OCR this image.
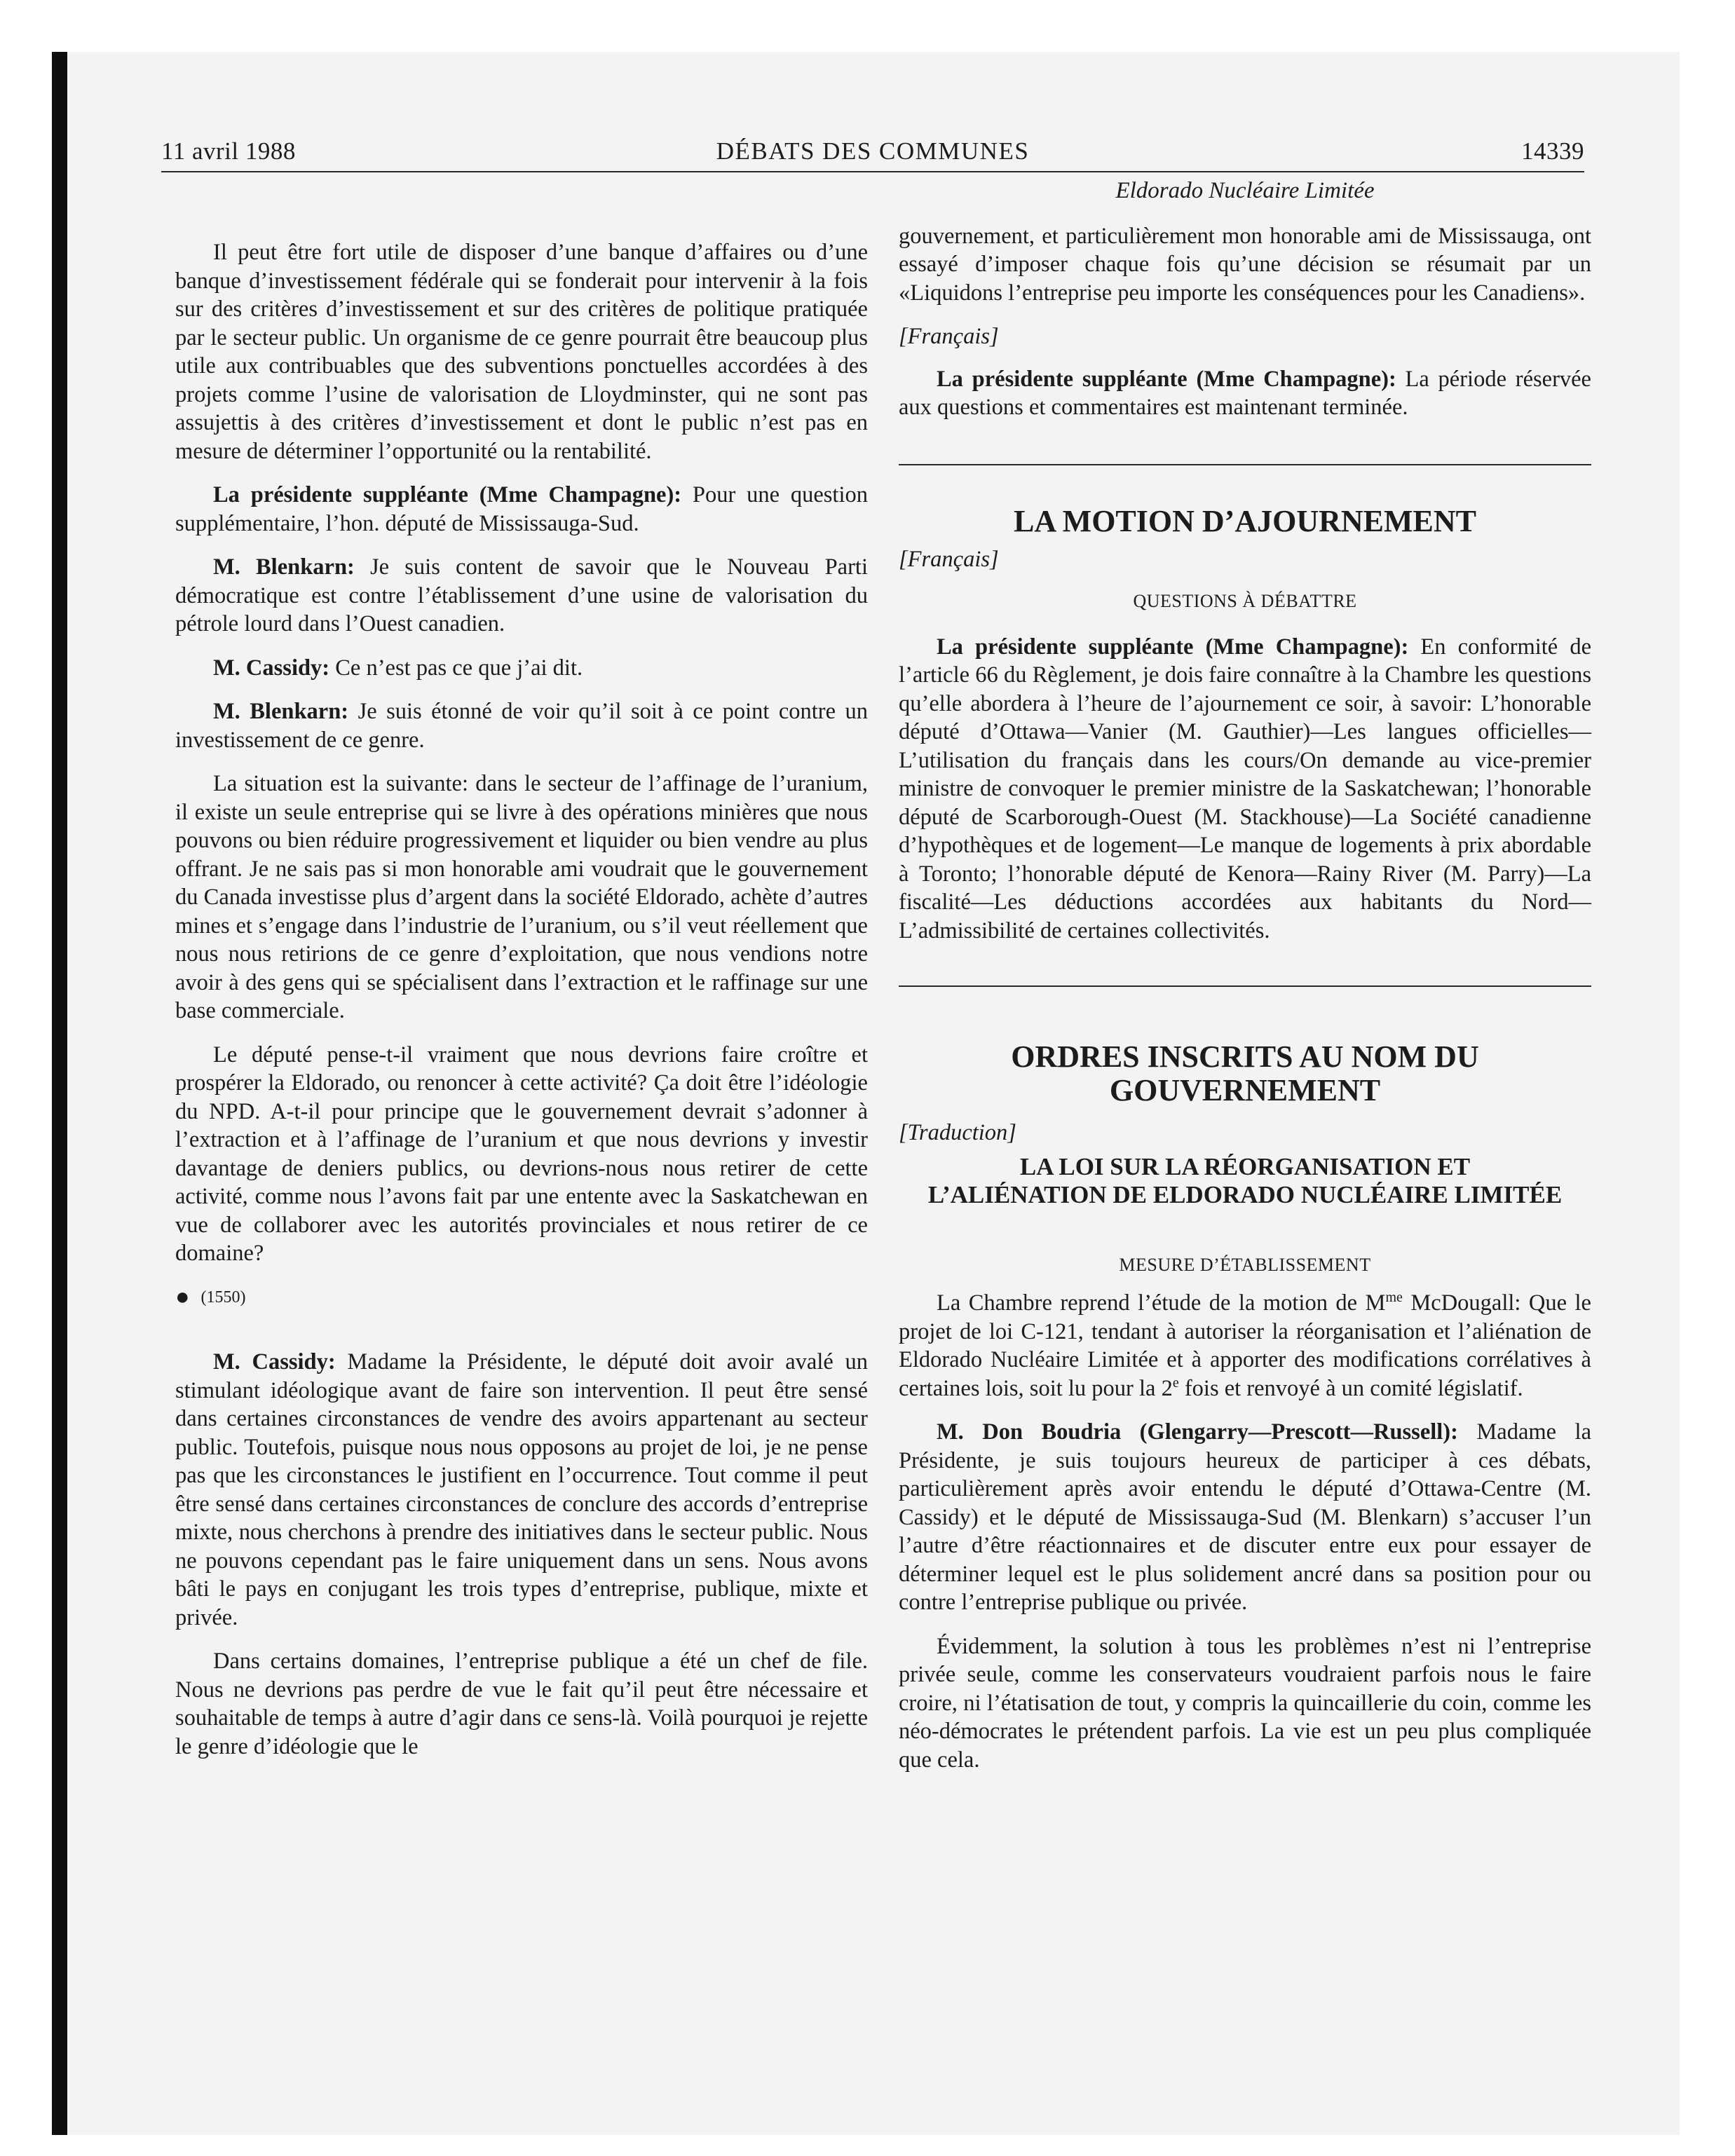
11 avril 1988	DÉBATS DES COMMUNES	14339

Il peut être fort utile de disposer d’une banque d’affaires ou d’une banque d’investissement fédérale qui se fonderait pour intervenir à la fois sur des critères d’investissement et sur des critères de politique pratiquée par le secteur public. Un organisme de ce genre pourrait être beaucoup plus utile aux contribuables que des subventions ponctuelles accordées à des projets comme l’usine de valorisation de Lloydminster, qui ne sont pas assujettis à des critères d’investissement et dont le public n’est pas en mesure de déterminer l’opportunité ou la rentabilité.

La présidente suppléante (Mme Champagne): Pour une question supplémentaire, l’hon. député de Mississauga-Sud.

M. Blenkarn: Je suis content de savoir que le Nouveau Parti démocratique est contre l’établissement d’une usine de valorisation du pétrole lourd dans l’Ouest canadien.

M. Cassidy: Ce n’est pas ce que j’ai dit.

M. Blenkarn: Je suis étonné de voir qu’il soit à ce point contre un investissement de ce genre.

La situation est la suivante: dans le secteur de l’affinage de l’uranium, il existe un seule entreprise qui se livre à des opérations minières que nous pouvons ou bien réduire progressivement et liquider ou bien vendre au plus offrant. Je ne sais pas si mon honorable ami voudrait que le gouvernement du Canada investisse plus d’argent dans la société Eldorado, achète d’autres mines et s’engage dans l’industrie de l’uranium, ou s’il veut réellement que nous nous retirions de ce genre d’exploitation, que nous vendions notre avoir à des gens qui se spécialisent dans l’extraction et le raffinage sur une base commerciale.

Le député pense-t-il vraiment que nous devrions faire croître et prospérer la Eldorado, ou renoncer à cette activité? Ça doit être l’idéologie du NPD. A-t-il pour principe que le gouvernement devrait s’adonner à l’extraction et à l’affinage de l’uranium et que nous devrions y investir davantage de deniers publics, ou devrions-nous nous retirer de cette activité, comme nous l’avons fait par une entente avec la Saskatchewan en vue de collaborer avec les autorités provinciales et nous retirer de ce domaine?

● (1550)

M. Cassidy: Madame la Présidente, le député doit avoir avalé un stimulant idéologique avant de faire son intervention. Il peut être sensé dans certaines circonstances de vendre des avoirs appartenant au secteur public. Toutefois, puisque nous nous opposons au projet de loi, je ne pense pas que les circonstances le justifient en l’occurrence. Tout comme il peut être sensé dans certaines circonstances de conclure des accords d’entreprise mixte, nous cherchons à prendre des initiatives dans le secteur public. Nous ne pouvons cependant pas le faire uniquement dans un sens. Nous avons bâti le pays en conjugant les trois types d’entreprise, publique, mixte et privée.

Dans certains domaines, l’entreprise publique a été un chef de file. Nous ne devrions pas perdre de vue le fait qu’il peut être nécessaire et souhaitable de temps à autre d’agir dans ce sens-là. Voilà pourquoi je rejette le genre d’idéologie que le

Eldorado Nucléaire Limitée

gouvernement, et particulièrement mon honorable ami de Mississauga, ont essayé d’imposer chaque fois qu’une décision se résumait par un «Liquidons l’entreprise peu importe les conséquences pour les Canadiens».

[Français]

La présidente suppléante (Mme Champagne): La période réservée aux questions et commentaires est maintenant terminée.

LA MOTION D’AJOURNEMENT

[Français]

QUESTIONS À DÉBATTRE

La présidente suppléante (Mme Champagne): En conformité de l’article 66 du Règlement, je dois faire connaître à la Chambre les questions qu’elle abordera à l’heure de l’ajournement ce soir, à savoir: L’honorable député d’Ottawa—Vanier (M. Gauthier)—Les langues officielles—L’utilisation du français dans les cours/On demande au vice-premier ministre de convoquer le premier ministre de la Saskatchewan; l’honorable député de Scarborough-Ouest (M. Stackhouse)—La Société canadienne d’hypothèques et de logement—Le manque de logements à prix abordable à Toronto; l’honorable député de Kenora—Rainy River (M. Parry)—La fiscalité—Les déductions accordées aux habitants du Nord—L’admissibilité de certaines collectivités.

ORDRES INSCRITS AU NOM DU
GOUVERNEMENT

[Traduction]

LA LOI SUR LA RÉORGANISATION ET
L’ALIÉNATION DE ELDORADO NUCLÉAIRE LIMITÉE

MESURE D’ÉTABLISSEMENT

La Chambre reprend l’étude de la motion de $M^{me}$ McDougall: Que le projet de loi C-121, tendant à autoriser la réorganisation et l’aliénation de Eldorado Nucléaire Limitée et à apporter des modifications corrélatives à certaines lois, soit lu pour la 2e fois et renvoyé à un comité législatif.

M. Don Boudria (Glengarry—Prescott—Russell): Madame la Présidente, je suis toujours heureux de participer à ces débats, particulièrement après avoir entendu le député d’Ottawa-Centre (M. Cassidy) et le député de Mississauga-Sud (M. Blenkarn) s’accuser l’un l’autre d’être réactionnaires et de discuter entre eux pour essayer de déterminer lequel est le plus solidement ancré dans sa position pour ou contre l’entreprise publique ou privée.

Évidemment, la solution à tous les problèmes n’est ni l’entreprise privée seule, comme les conservateurs voudraient parfois nous le faire croire, ni l’étatisation de tout, y compris la quincaillerie du coin, comme les néo-démocrates le prétendent parfois. La vie est un peu plus compliquée que cela.
